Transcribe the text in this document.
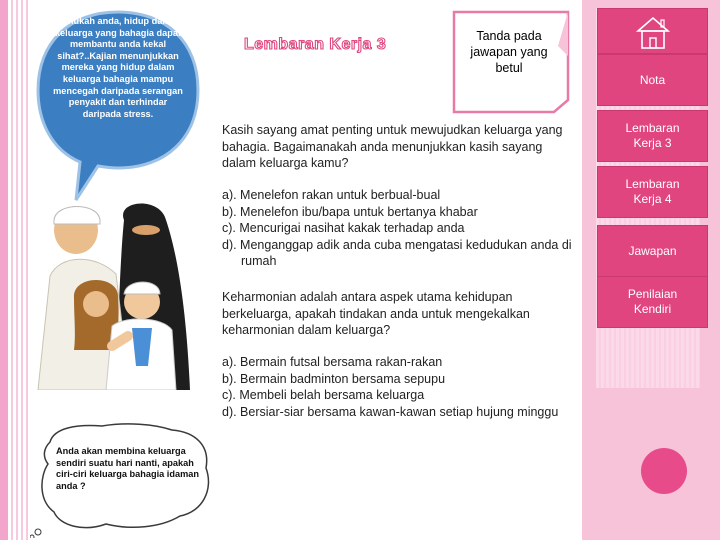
Nota
Lembaran Kerja 3
Lembaran Kerja 4
Jawapan
Penilaian Kendiri
Tahukah anda, hidup dalam keluarga yang bahagia dapat membantu anda kekal sihat?..Kajian menunjukkan mereka yang hidup dalam keluarga bahagia mampu mencegah daripada serangan penyakit dan terhindar daripada stress.
Lembaran Kerja 3	Tanda pada jawapan yang betul
Kasih sayang amat penting untuk mewujudkan keluarga yang bahagia. Bagaimanakah anda menunjukkan kasih sayang dalam keluarga kamu?
a). Menelefon rakan untuk berbual-bual
b). Menelefon ibu/bapa untuk bertanya khabar
c). Mencurigai nasihat kakak terhadap anda
d). Menganggap adik anda cuba mengatasi kedudukan anda di rumah
Keharmonian adalah antara aspek utama kehidupan berkeluarga, apakah tindakan anda untuk mengekalkan keharmonian dalam keluarga?
a). Bermain futsal bersama rakan-rakan
b). Bermain badminton bersama sepupu
c). Membeli belah bersama keluarga
d). Bersiar-siar bersama kawan-kawan setiap hujung minggu
Anda akan membina keluarga sendiri suatu hari nanti, apakah ciri-ciri keluarga bahagia idaman anda ?
